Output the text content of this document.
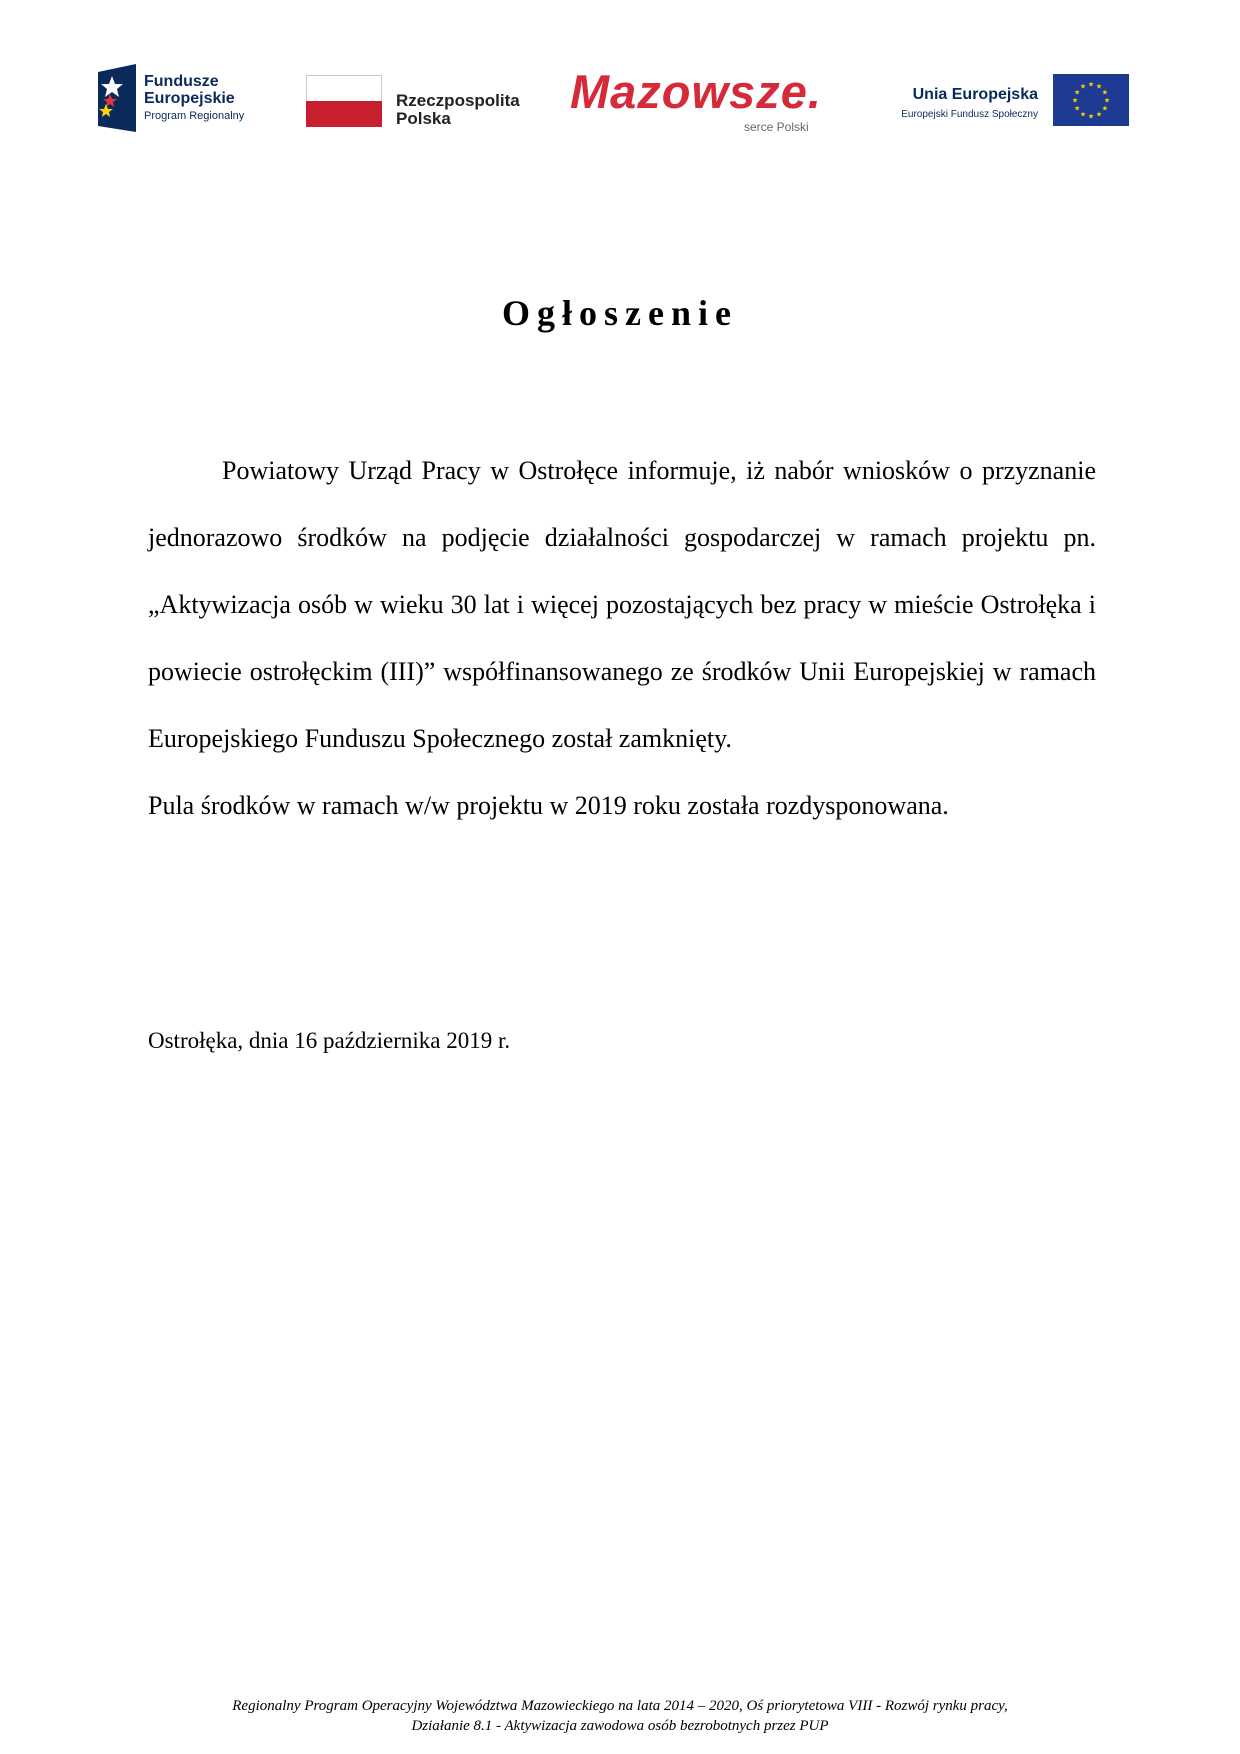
Fundusze
Europejskie
Program Regionalny
Rzeczpospolita
Polska
Mazowsze.
serce Polski
Unia Europejska
Europejski Fundusz Społeczny
★ ★
★
★
★
★
★
★
★
★
★
★
Ogłoszenie

Powiatowy Urząd Pracy w Ostrołęce informuje, iż nabór wniosków o przyznanie jednorazowo środków na podjęcie działalności gospodarczej w ramach projektu pn. „Aktywizacja osób w wieku 30 lat i więcej pozostających bez pracy w mieście Ostrołęka i powiecie ostrołęckim (III)” współfinansowanego ze środków Unii Europejskiej w ramach Europejskiego Funduszu Społecznego został zamknięty.

Pula środków w ramach w/w projektu w 2019 roku została rozdysponowana.

Ostrołęka, dnia 16 października 2019 r.
Regionalny Program Operacyjny Województwa Mazowieckiego na lata 2014 – 2020, Oś priorytetowa VIII - Rozwój rynku pracy,
Działanie 8.1 - Aktywizacja zawodowa osób bezrobotnych przez PUP
